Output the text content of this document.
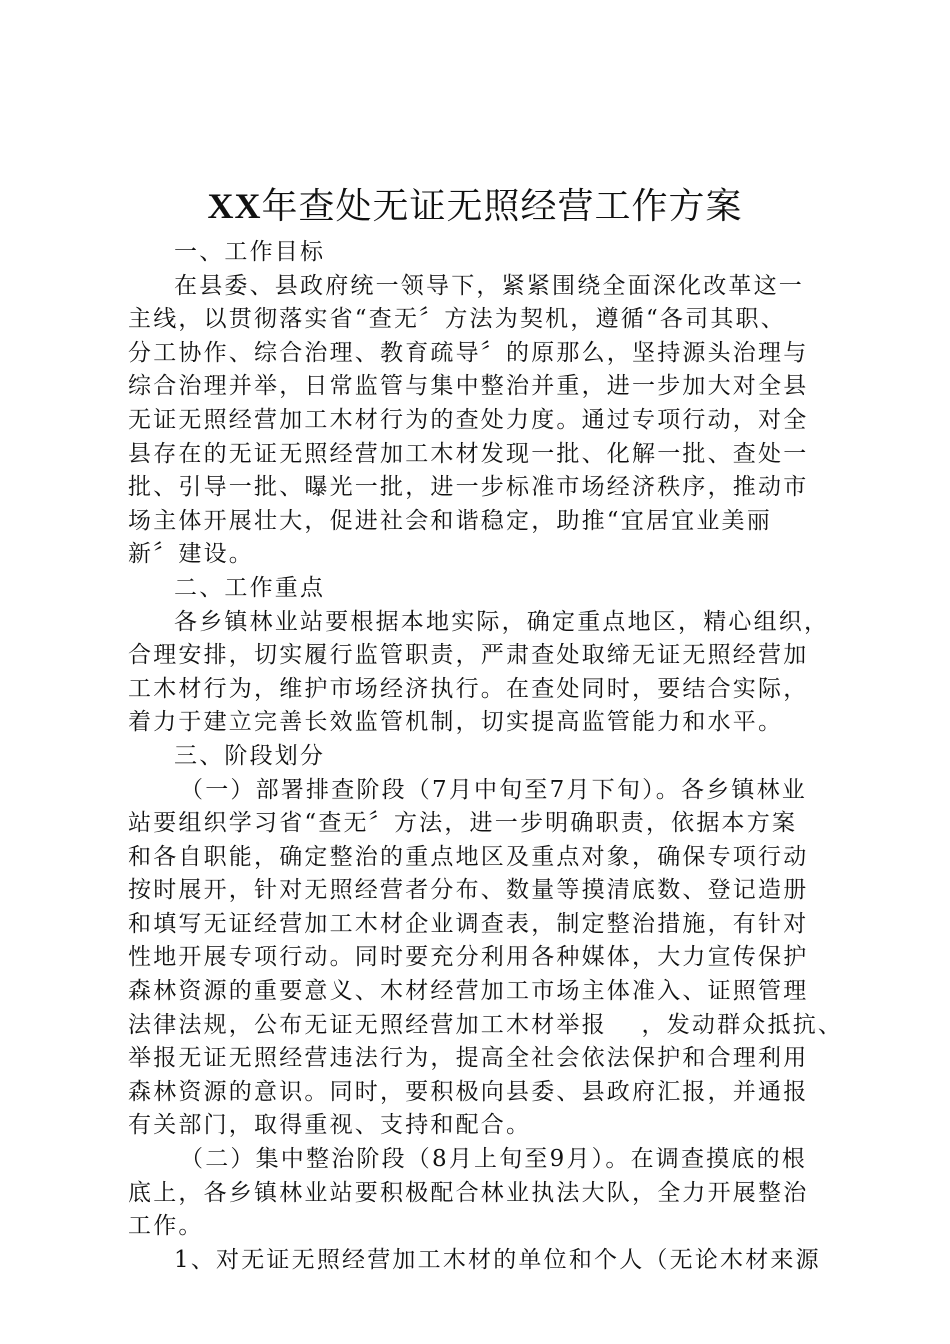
XX年查处无证无照经营工作方案
一、工作目标
在县委、县政府统一领导下，紧紧围绕全面深化改革这一
主线，以贯彻落实省“查无〞方法为契机，遵循“各司其职、
分工协作、综合治理、教育疏导〞的原那么，坚持源头治理与
综合治理并举，日常监管与集中整治并重，进一步加大对全县
无证无照经营加工木材行为的查处力度。通过专项行动，对全
县存在的无证无照经营加工木材发现一批、化解一批、查处一
批、引导一批、曝光一批，进一步标准市场经济秩序，推动市
场主体开展壮大，促进社会和谐稳定，助推“宜居宜业美丽
新〞建设。
二、工作重点
各乡镇林业站要根据本地实际，确定重点地区，精心组织，
合理安排，切实履行监管职责，严肃查处取缔无证无照经营加
工木材行为，维护市场经济执行。在查处同时，要结合实际，
着力于建立完善长效监管机制，切实提高监管能力和水平。
三、阶段划分
（一）部署排查阶段（7月中旬至7月下旬）。各乡镇林业
站要组织学习省“查无〞方法，进一步明确职责，依据本方案
和各自职能，确定整治的重点地区及重点对象，确保专项行动
按时展开，针对无照经营者分布、数量等摸清底数、登记造册
和填写无证经营加工木材企业调查表，制定整治措施，有针对
性地开展专项行动。同时要充分利用各种媒体，大力宣传保护
森林资源的重要意义、木材经营加工市场主体准入、证照管理
法律法规，公布无证无照经营加工木材举报 　，发动群众抵抗、
举报无证无照经营违法行为，提高全社会依法保护和合理利用
森林资源的意识。同时，要积极向县委、县政府汇报，并通报
有关部门，取得重视、支持和配合。
（二）集中整治阶段（8月上旬至9月）。在调查摸底的根
底上，各乡镇林业站要积极配合林业执法大队，全力开展整治
工作。
1、对无证无照经营加工木材的单位和个人（无论木材来源
